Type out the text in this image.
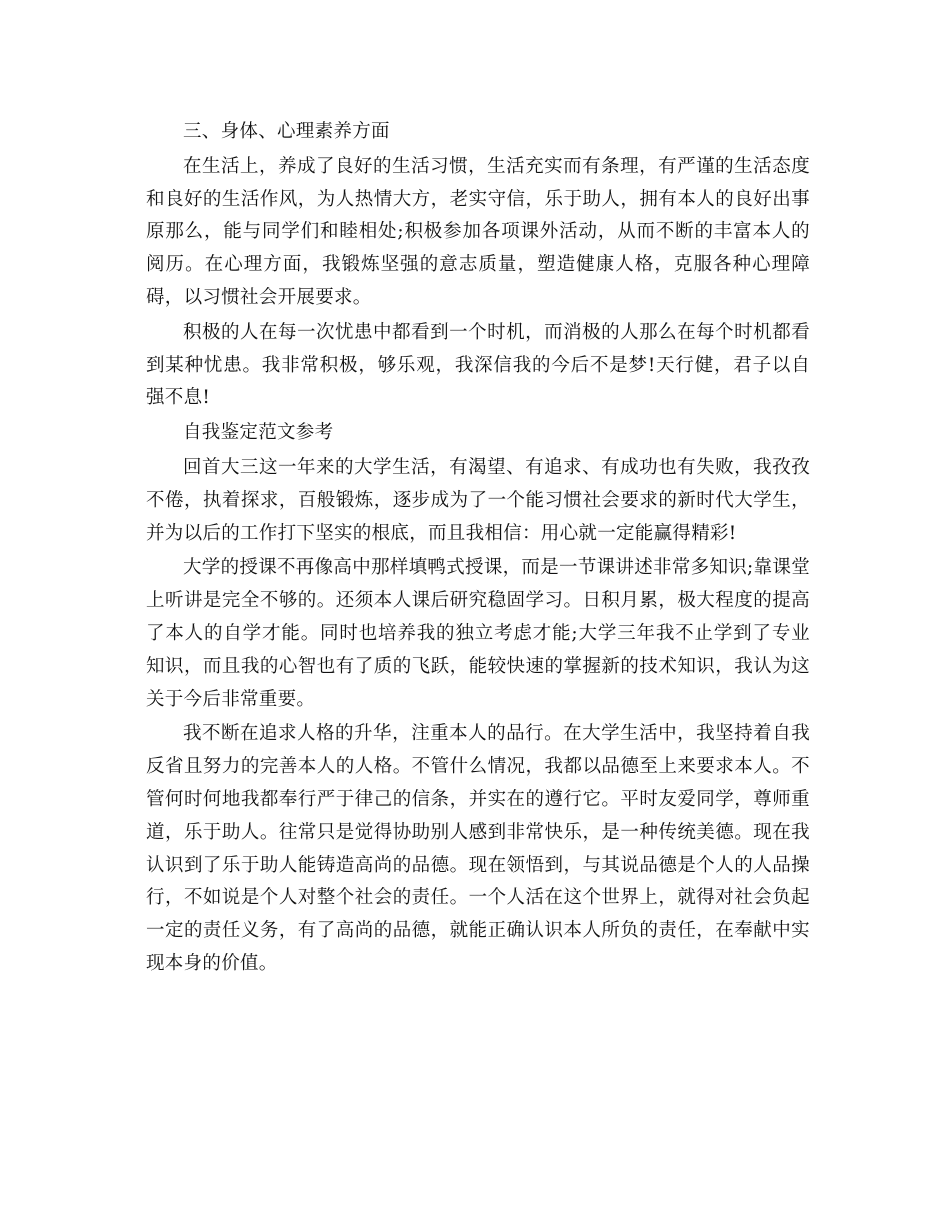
三、身体、心理素养方面

在生活上，养成了良好的生活习惯，生活充实而有条理，有严谨的生活态度和良好的生活作风，为人热情大方，老实守信，乐于助人，拥有本人的良好出事原那么，能与同学们和睦相处;积极参加各项课外活动，从而不断的丰富本人的阅历。在心理方面，我锻炼坚强的意志质量，塑造健康人格，克服各种心理障碍，以习惯社会开展要求。

积极的人在每一次忧患中都看到一个时机，而消极的人那么在每个时机都看到某种忧患。我非常积极，够乐观，我深信我的今后不是梦!天行健，君子以自强不息!

自我鉴定范文参考

回首大三这一年来的大学生活，有渴望、有追求、有成功也有失败，我孜孜不倦，执着探求，百般锻炼，逐步成为了一个能习惯社会要求的新时代大学生，并为以后的工作打下坚实的根底，而且我相信：用心就一定能赢得精彩!

大学的授课不再像高中那样填鸭式授课，而是一节课讲述非常多知识;靠课堂上听讲是完全不够的。还须本人课后研究稳固学习。日积月累，极大程度的提高了本人的自学才能。同时也培养我的独立考虑才能;大学三年我不止学到了专业知识，而且我的心智也有了质的飞跃，能较快速的掌握新的技术知识，我认为这关于今后非常重要。

我不断在追求人格的升华，注重本人的品行。在大学生活中，我坚持着自我反省且努力的完善本人的人格。不管什么情况，我都以品德至上来要求本人。不管何时何地我都奉行严于律己的信条，并实在的遵行它。平时友爱同学，尊师重道，乐于助人。往常只是觉得协助别人感到非常快乐，是一种传统美德。现在我认识到了乐于助人能铸造高尚的品德。现在领悟到，与其说品德是个人的人品操行，不如说是个人对整个社会的责任。一个人活在这个世界上，就得对社会负起一定的责任义务，有了高尚的品德，就能正确认识本人所负的责任，在奉献中实现本身的价值。
